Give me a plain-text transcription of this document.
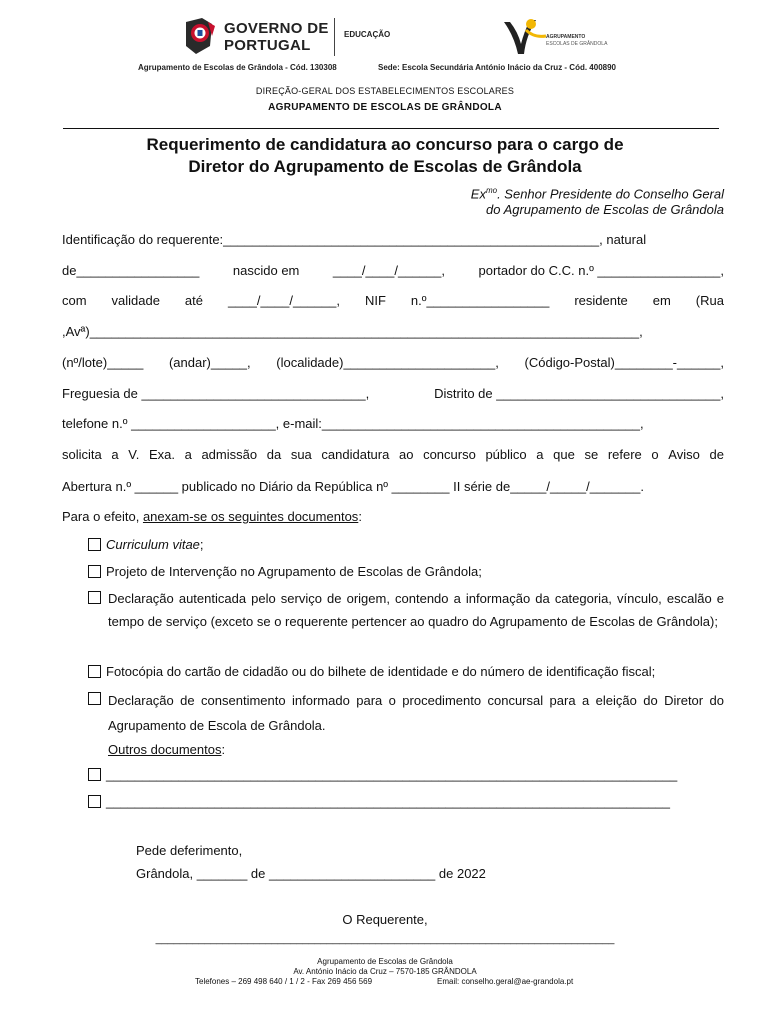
GOVERNO DE
PORTUGAL
EDUCAÇÃO	AGRUPAMENTO
ESCOLAS DE GRÂNDOLA
Agrupamento de Escolas de Grândola - Cód. 130308	Sede: Escola Secundária António Inácio da Cruz - Cód. 400890
DIREÇÃO-GERAL DOS ESTABELECIMENTOS ESCOLARES
AGRUPAMENTO DE ESCOLAS DE GRÂNDOLA
Requerimento de candidatura ao concurso para o cargo de
Diretor do Agrupamento de Escolas de Grândola
$Ex^{mo}$. Senhor Presidente do Conselho Geral
do Agrupamento de Escolas de Grândola
Identificação do requerente:____________________________________________________, natural
de_________________	nascido em	____/____/______,	portador do C.C. n.º _________________,
com validade até ____/____/______, NIF n.º_________________ residente em (Rua
,Avª)____________________________________________________________________________,
(nº/lote)_____ (andar)_____, (localidade)_____________________, (Código-Postal)________-______,
Freguesia de _______________________________,	Distrito de _______________________________,
telefone n.º ____________________, e-mail:____________________________________________,
solicita a V. Exa. a admissão da sua candidatura ao concurso público a que se refere o Aviso de
Abertura n.º ______ publicado no Diário da República nº ________ II série de_____/_____/_______.
Para o efeito, anexam-se os seguintes documentos:
Curriculum vitae;
Projeto de Intervenção no Agrupamento de Escolas de Grândola;
Declaração autenticada pelo serviço de origem, contendo a informação da categoria, vínculo, escalão e tempo de serviço (exceto se o requerente pertencer ao quadro do Agrupamento de Escolas de Grândola);
Fotocópia do cartão de cidadão ou do bilhete de identidade e do número de identificação fiscal;
Declaração de consentimento informado para o procedimento concursal para a eleição do Diretor do Agrupamento de Escola de Grândola.
Outros documentos:
_______________________________________________________________________________
______________________________________________________________________________
Pede deferimento,
Grândola, _______ de _______________________ de 2022
O Requerente,
___________________________________________________________________________
Agrupamento de Escolas de Grândola
Av. António Inácio da Cruz – 7570-185 GRÂNDOLA
Telefones – 269 498 640 / 1 / 2 - Fax 269 456 569	Email: conselho.geral@ae-grandola.pt
